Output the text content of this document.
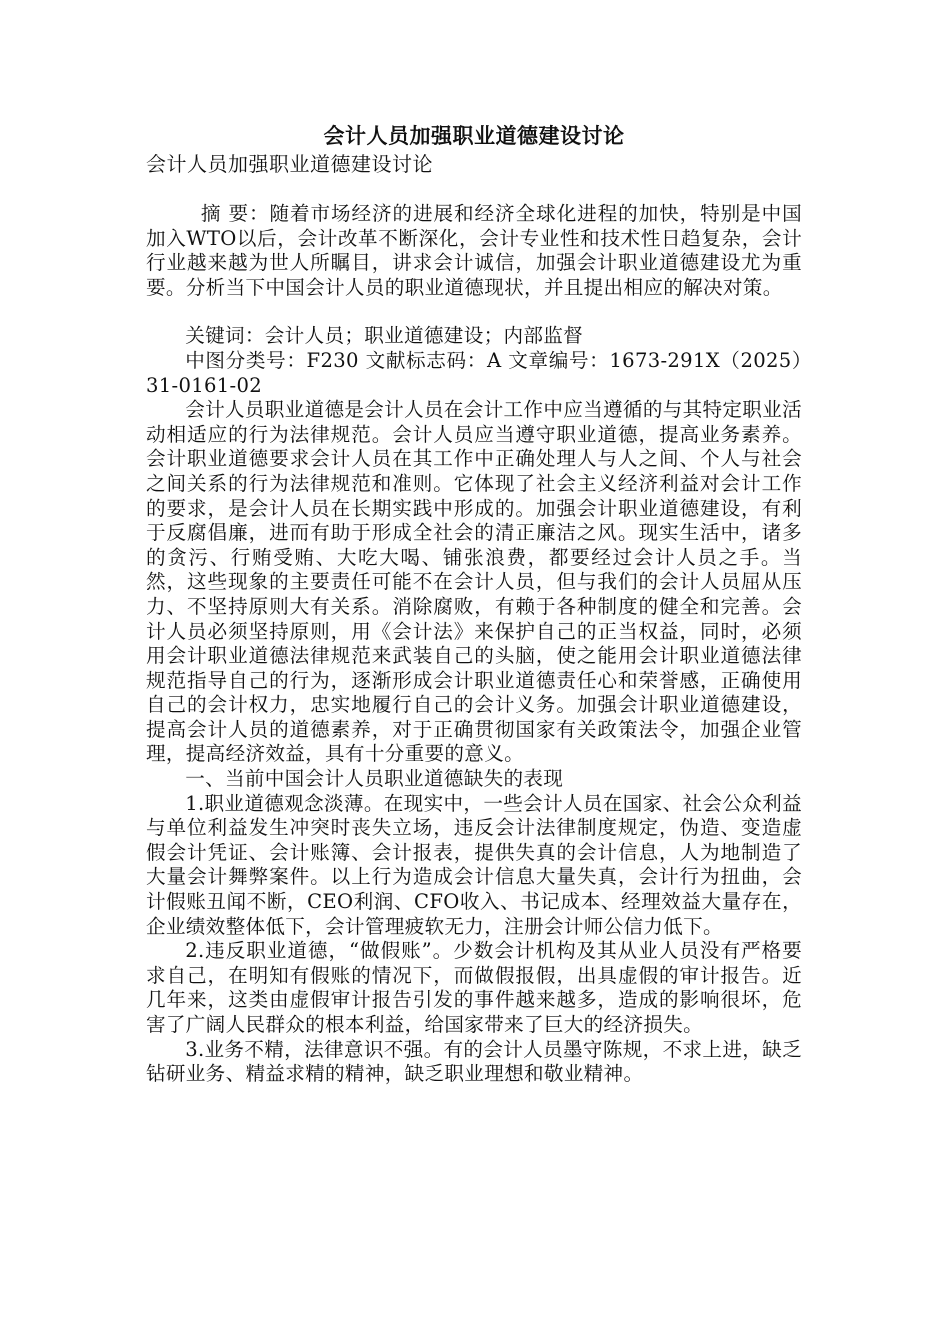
会计人员加强职业道德建设讨论
会计人员加强职业道德建设讨论

摘 要：随着市场经济的进展和经济全球化进程的加快，特别是中国加入WTO以后，会计改革不断深化，会计专业性和技术性日趋复杂，会计行业越来越为世人所瞩目，讲求会计诚信，加强会计职业道德建设尤为重要。分析当下中国会计人员的职业道德现状，并且提出相应的解决对策。

关键词：会计人员；职业道德建设；内部监督

中图分类号：F230 文献标志码：A 文章编号：1673-291X（2025）31-0161-02

会计人员职业道德是会计人员在会计工作中应当遵循的与其特定职业活动相适应的行为法律规范。会计人员应当遵守职业道德，提高业务素养。会计职业道德要求会计人员在其工作中正确处理人与人之间、个人与社会之间关系的行为法律规范和准则。它体现了社会主义经济利益对会计工作的要求，是会计人员在长期实践中形成的。加强会计职业道德建设，有利于反腐倡廉，进而有助于形成全社会的清正廉洁之风。现实生活中，诸多的贪污、行贿受贿、大吃大喝、铺张浪费，都要经过会计人员之手。当然，这些现象的主要责任可能不在会计人员，但与我们的会计人员屈从压力、不坚持原则大有关系。消除腐败，有赖于各种制度的健全和完善。会计人员必须坚持原则，用《会计法》来保护自己的正当权益，同时，必须用会计职业道德法律规范来武装自己的头脑，使之能用会计职业道德法律规范指导自己的行为，逐渐形成会计职业道德责任心和荣誉感，正确使用自己的会计权力，忠实地履行自己的会计义务。加强会计职业道德建设，提高会计人员的道德素养，对于正确贯彻国家有关政策法令，加强企业管理，提高经济效益，具有十分重要的意义。

一、当前中国会计人员职业道德缺失的表现

1.职业道德观念淡薄。在现实中，一些会计人员在国家、社会公众利益与单位利益发生冲突时丧失立场，违反会计法律制度规定，伪造、变造虚假会计凭证、会计账簿、会计报表，提供失真的会计信息，人为地制造了大量会计舞弊案件。以上行为造成会计信息大量失真，会计行为扭曲，会计假账丑闻不断，CEO利润、CFO收入、书记成本、经理效益大量存在，企业绩效整体低下，会计管理疲软无力，注册会计师公信力低下。

2.违反职业道德，“做假账”。少数会计机构及其从业人员没有严格要求自己，在明知有假账的情况下，而做假报假，出具虚假的审计报告。近几年来，这类由虚假审计报告引发的事件越来越多，造成的影响很坏，危害了广阔人民群众的根本利益，给国家带来了巨大的经济损失。

3.业务不精，法律意识不强。有的会计人员墨守陈规，不求上进，缺乏钻研业务、精益求精的精神，缺乏职业理想和敬业精神。
